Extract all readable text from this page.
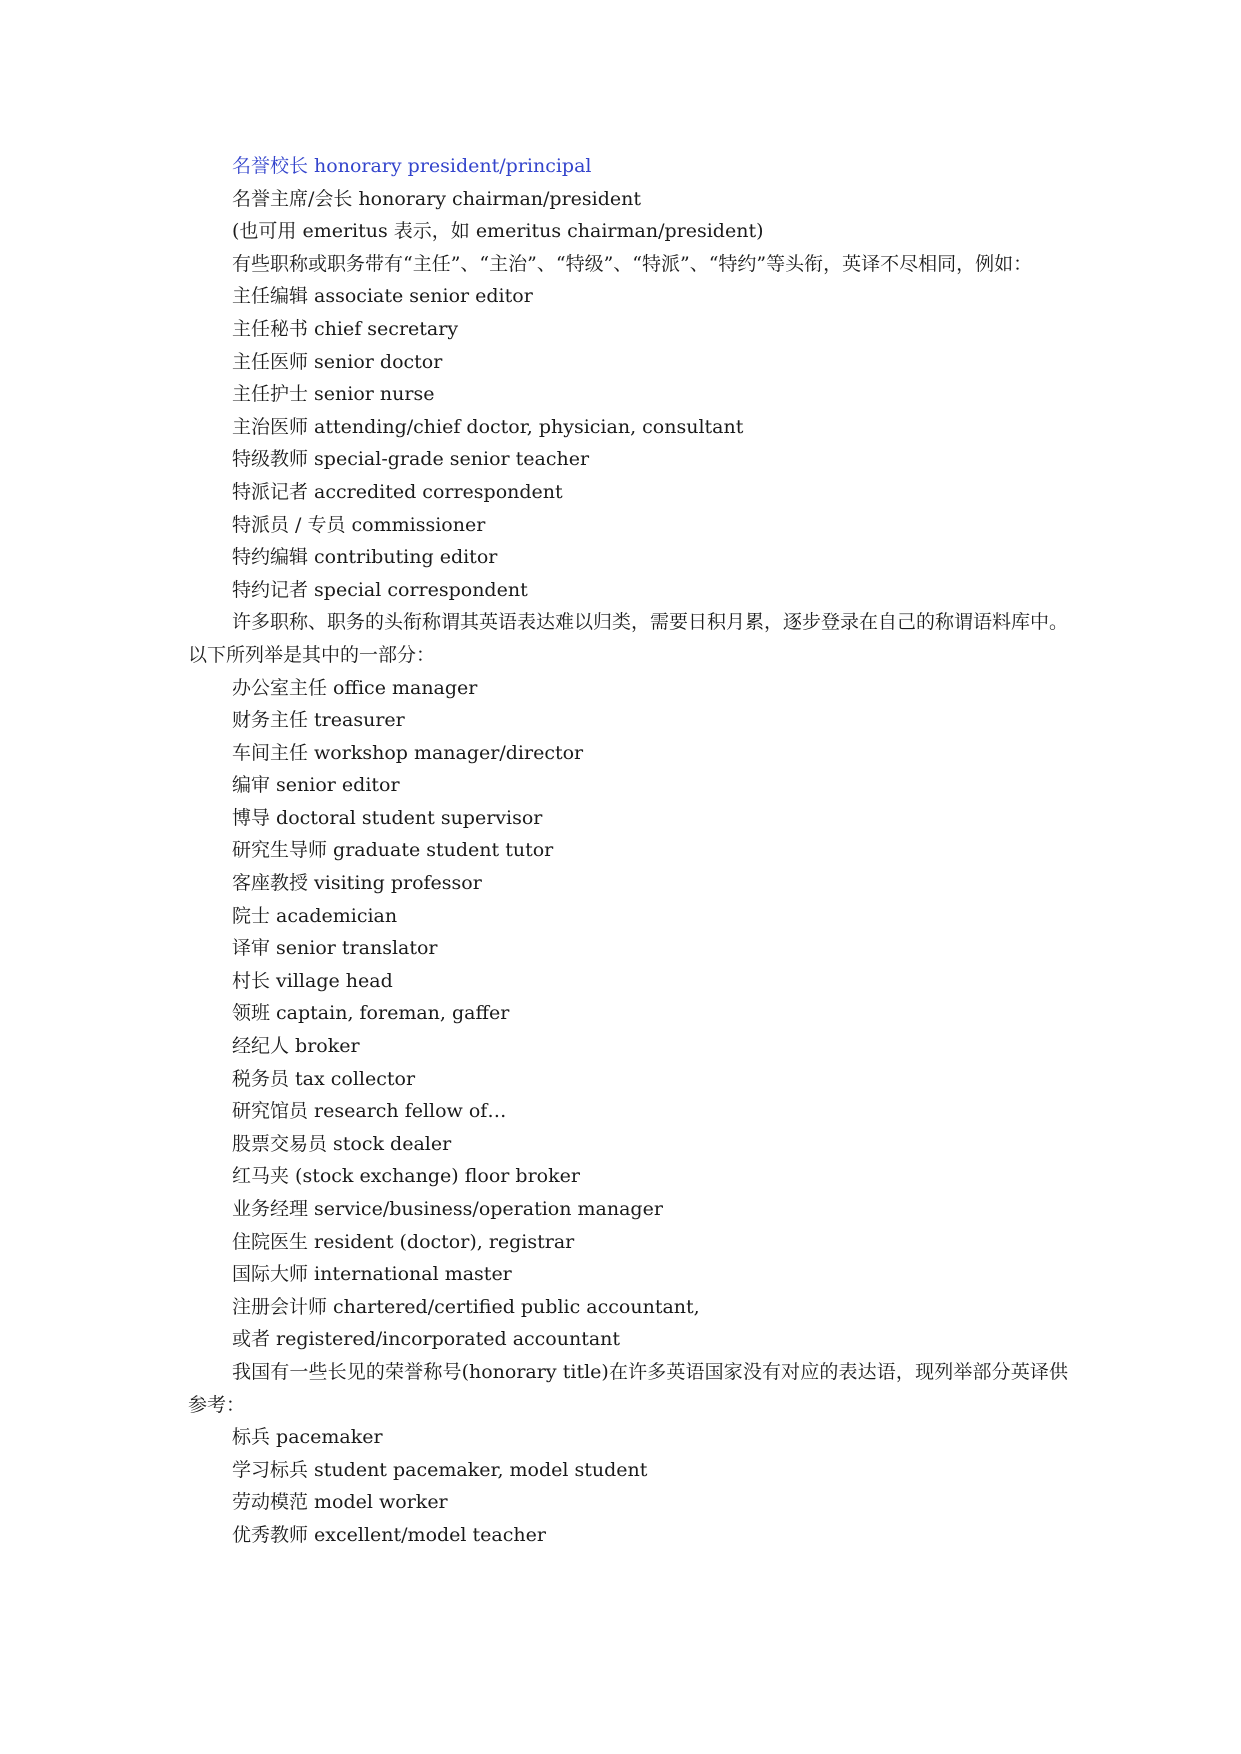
名誉校长 honorary president/principal
名誉主席/会长 honorary chairman/president
(也可用 emeritus 表示，如 emeritus chairman/president)
有些职称或职务带有“主任”、“主治”、“特级”、“特派”、“特约”等头衔，英译不尽相同，例如：
主任编辑 associate senior editor
主任秘书 chief secretary
主任医师 senior doctor
主任护士 senior nurse
主治医师 attending/chief doctor, physician, consultant
特级教师 special-grade senior teacher
特派记者 accredited correspondent
特派员 / 专员 commissioner
特约编辑 contributing editor
特约记者 special correspondent
许多职称、职务的头衔称谓其英语表达难以归类，需要日积月累，逐步登录在自己的称谓语料库中。以下所列举是其中的一部分：
办公室主任 office manager
财务主任 treasurer
车间主任 workshop manager/director
编审 senior editor
博导 doctoral student supervisor
研究生导师 graduate student tutor
客座教授 visiting professor
院士 academician
译审 senior translator
村长 village head
领班 captain, foreman, gaffer
经纪人 broker
税务员 tax collector
研究馆员 research fellow of…
股票交易员 stock dealer
红马夹 (stock exchange) floor broker
业务经理 service/business/operation manager
住院医生 resident (doctor), registrar
国际大师 international master
注册会计师 chartered/certified public accountant,
或者 registered/incorporated accountant
我国有一些长见的荣誉称号(honorary title)在许多英语国家没有对应的表达语，现列举部分英译供参考：
标兵 pacemaker
学习标兵 student pacemaker, model student
劳动模范 model worker
优秀教师 excellent/model teacher
